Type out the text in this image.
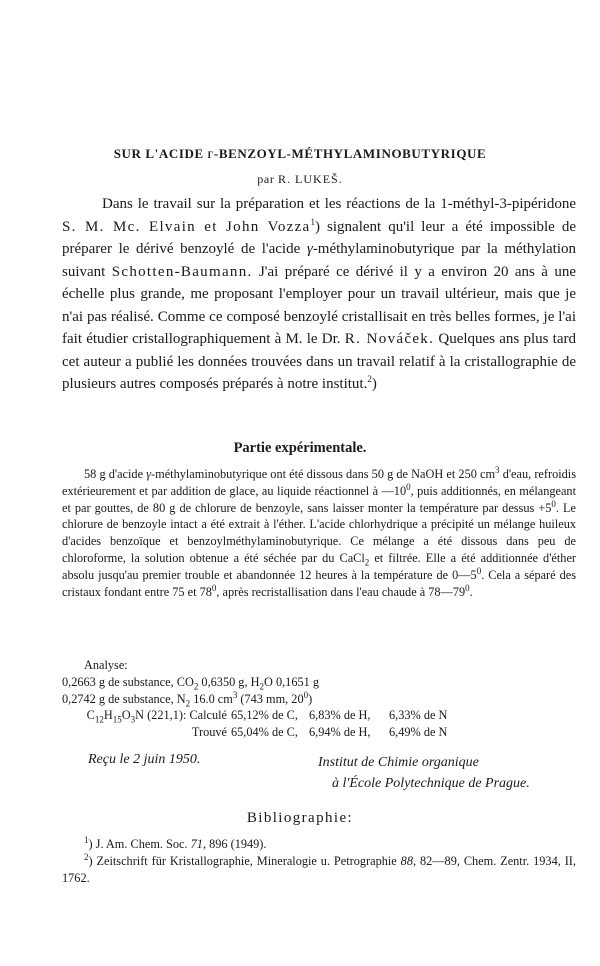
SUR L'ACIDE γ-BENZOYL-MÉTHYLAMINOBUTYRIQUE
par R. LUKEŠ.

Dans le travail sur la préparation et les réactions de la 1-méthyl-3-pipéridone S. M. Mc. Elvain et John Vozza$^1$) signalent qu'il leur a été impossible de préparer le dérivé benzoylé de l'acide γ-méthylaminobutyrique par la méthylation suivant Schotten-Baumann. J'ai préparé ce dérivé il y a environ 20 ans à une échelle plus grande, me proposant l'employer pour un travail ultérieur, mais que je n'ai pas réalisé. Comme ce composé benzoylé cristallisait en très belles formes, je l'ai fait étudier cristallographiquement à M. le Dr. R. Nováček. Quelques ans plus tard cet auteur a publié les données trouvées dans un travail relatif à la cristallographie de plusieurs autres composés préparés à notre institut.$^2$)

Partie expérimentale.

58 g d'acide γ-méthylaminobutyrique ont été dissous dans 50 g de NaOH et 250 $cm^3$ d'eau, refroidis extérieurement et par addition de glace, au liquide réactionnel à $—10^0$, puis additionnés, en mélangeant et par gouttes, de 80 g de chlorure de benzoyle, sans laisser monter la température par dessus $+5^0$. Le chlorure de benzoyle intact a été extrait à l'éther. L'acide chlorhydrique a précipité un mélange huileux d'acides benzoïque et benzoylméthylaminobutyrique. Ce mélange a été dissous dans peu de chloroforme, la solution obtenue a été séchée par du CaCl$_2$ et filtrée. Elle a été additionnée d'éther absolu jusqu'au premier trouble et abandonnée 12 heures à la température de $0—5^0$. Cela a séparé des cristaux fondant entre 75 et $78^0$, après recristallisation dans l'eau chaude à $78—79^0$.

Analyse:
0,2663 g de substance, $CO_2$ 0,6350 g, $H_2O$ 0,1651 g
0,2742 g de substance, $N_2$ 16.0 $cm^3$ (743 mm, $20^0$)
$C_{12}H_{15}O_3N$ (221,1): Calculé 65,12% de C, 6,83% de H,	6,33% de N
Trouvé 65,04% de C, 6,94% de H,	6,49% de N
Reçu le 2 juin 1950.	Institut de Chimie organique
à l'École Polytechnique de Prague.
Bibliographie:

$^1$) J. Am. Chem. Soc. 71, 896 (1949).

$^2$) Zeitschrift für Kristallographie, Mineralogie u. Petrographie 88, 82—89, Chem. Zentr. 1934, II, 1762.
